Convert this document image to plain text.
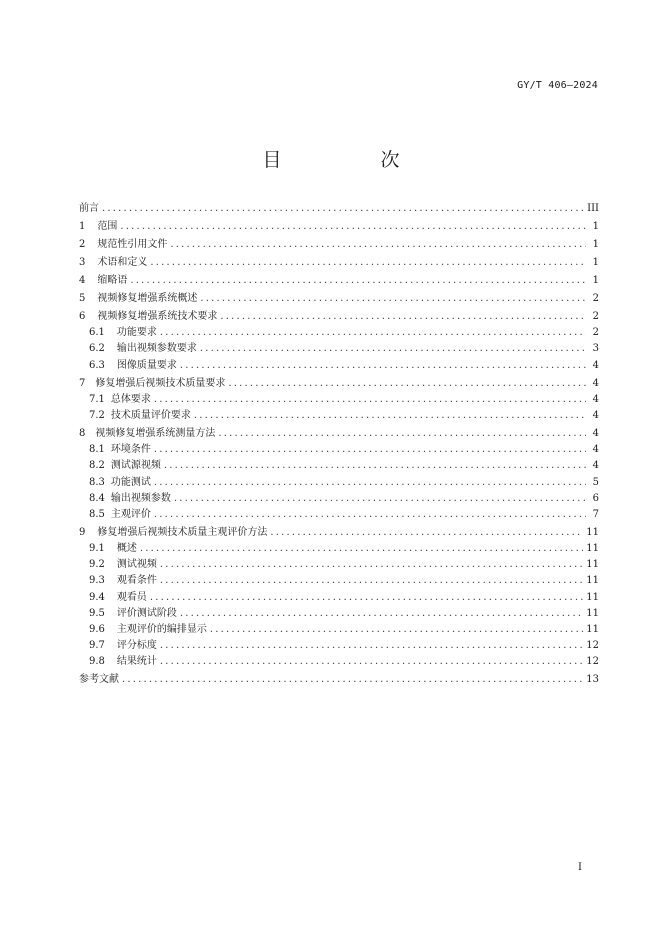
GY/T 406—2024
目　次
前言 .....	III
1 范围 .....	1
2 规范性引用文件 .....	1
3 术语和定义 .....	1
4 缩略语 .....	1
5 视频修复增强系统概述 .....	2
6 视频修复增强系统技术要求 .....	2
6.1 功能要求 .....	2
6.2 输出视频参数要求 .....	3
6.3 图像质量要求 .....	4
7 修复增强后视频技术质量要求 .....	4
7.1 总体要求 .....	4
7.2 技术质量评价要求 .....	4
8 视频修复增强系统测量方法 .....	4
8.1 环境条件 .....	4
8.2 测试源视频 .....	4
8.3 功能测试 .....	5
8.4 输出视频参数 .....	6
8.5 主观评价 .....	7
9 修复增强后视频技术质量主观评价方法 .....	11
9.1 概述 .....	11
9.2 测试视频 .....	11
9.3 观看条件 .....	11
9.4 观看员 .....	11
9.5 评价测试阶段 .....	11
9.6 主观评价的编排显示 .....	11
9.7 评分标度 .....	12
9.8 结果统计 .....	12
参考文献 .....	13
I
